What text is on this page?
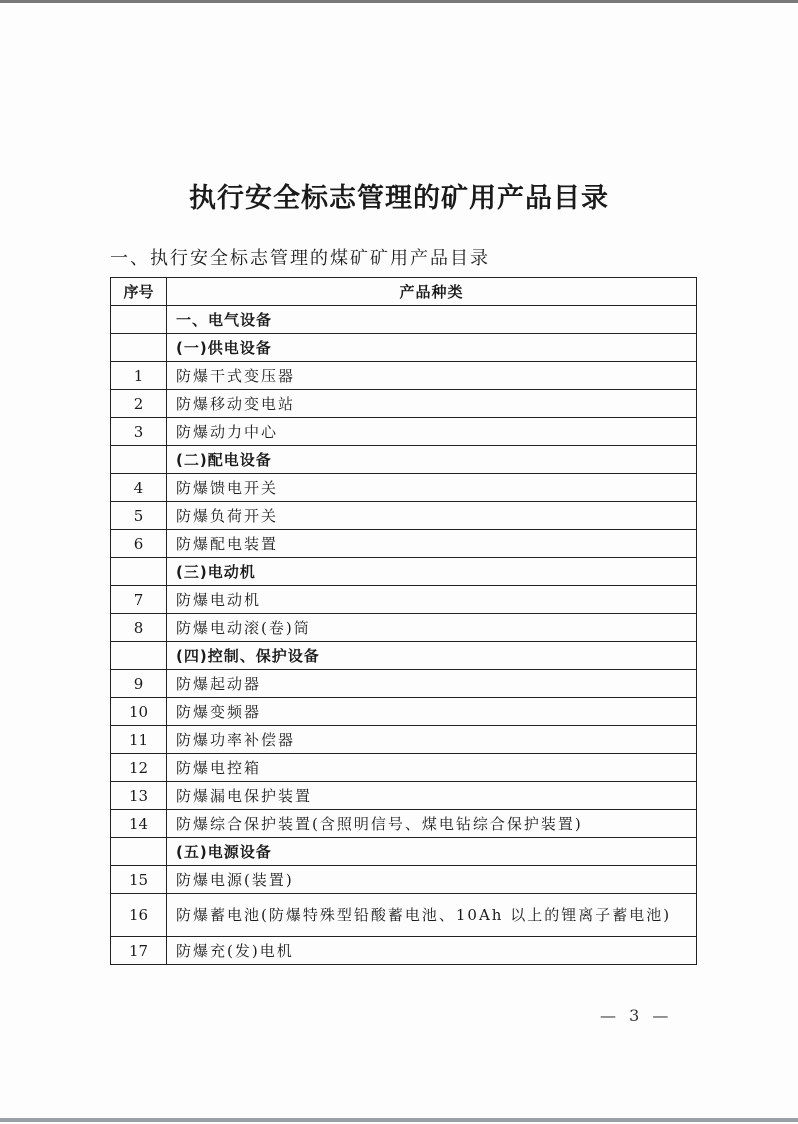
执行安全标志管理的矿用产品目录
一、执行安全标志管理的煤矿矿用产品目录
序号	产品种类
	一、电气设备
	(一)供电设备
1	防爆干式变压器
2	防爆移动变电站
3	防爆动力中心
	(二)配电设备
4	防爆馈电开关
5	防爆负荷开关
6	防爆配电装置
	(三)电动机
7	防爆电动机
8	防爆电动滚(卷)筒
	(四)控制、保护设备
9	防爆起动器
10	防爆变频器
11	防爆功率补偿器
12	防爆电控箱
13	防爆漏电保护装置
14	防爆综合保护装置(含照明信号、煤电钻综合保护装置)
	(五)电源设备
15	防爆电源(装置)
16	防爆蓄电池(防爆特殊型铅酸蓄电池、10Ah 以上的锂离子蓄电池)
17	防爆充(发)电机
— 3 —
